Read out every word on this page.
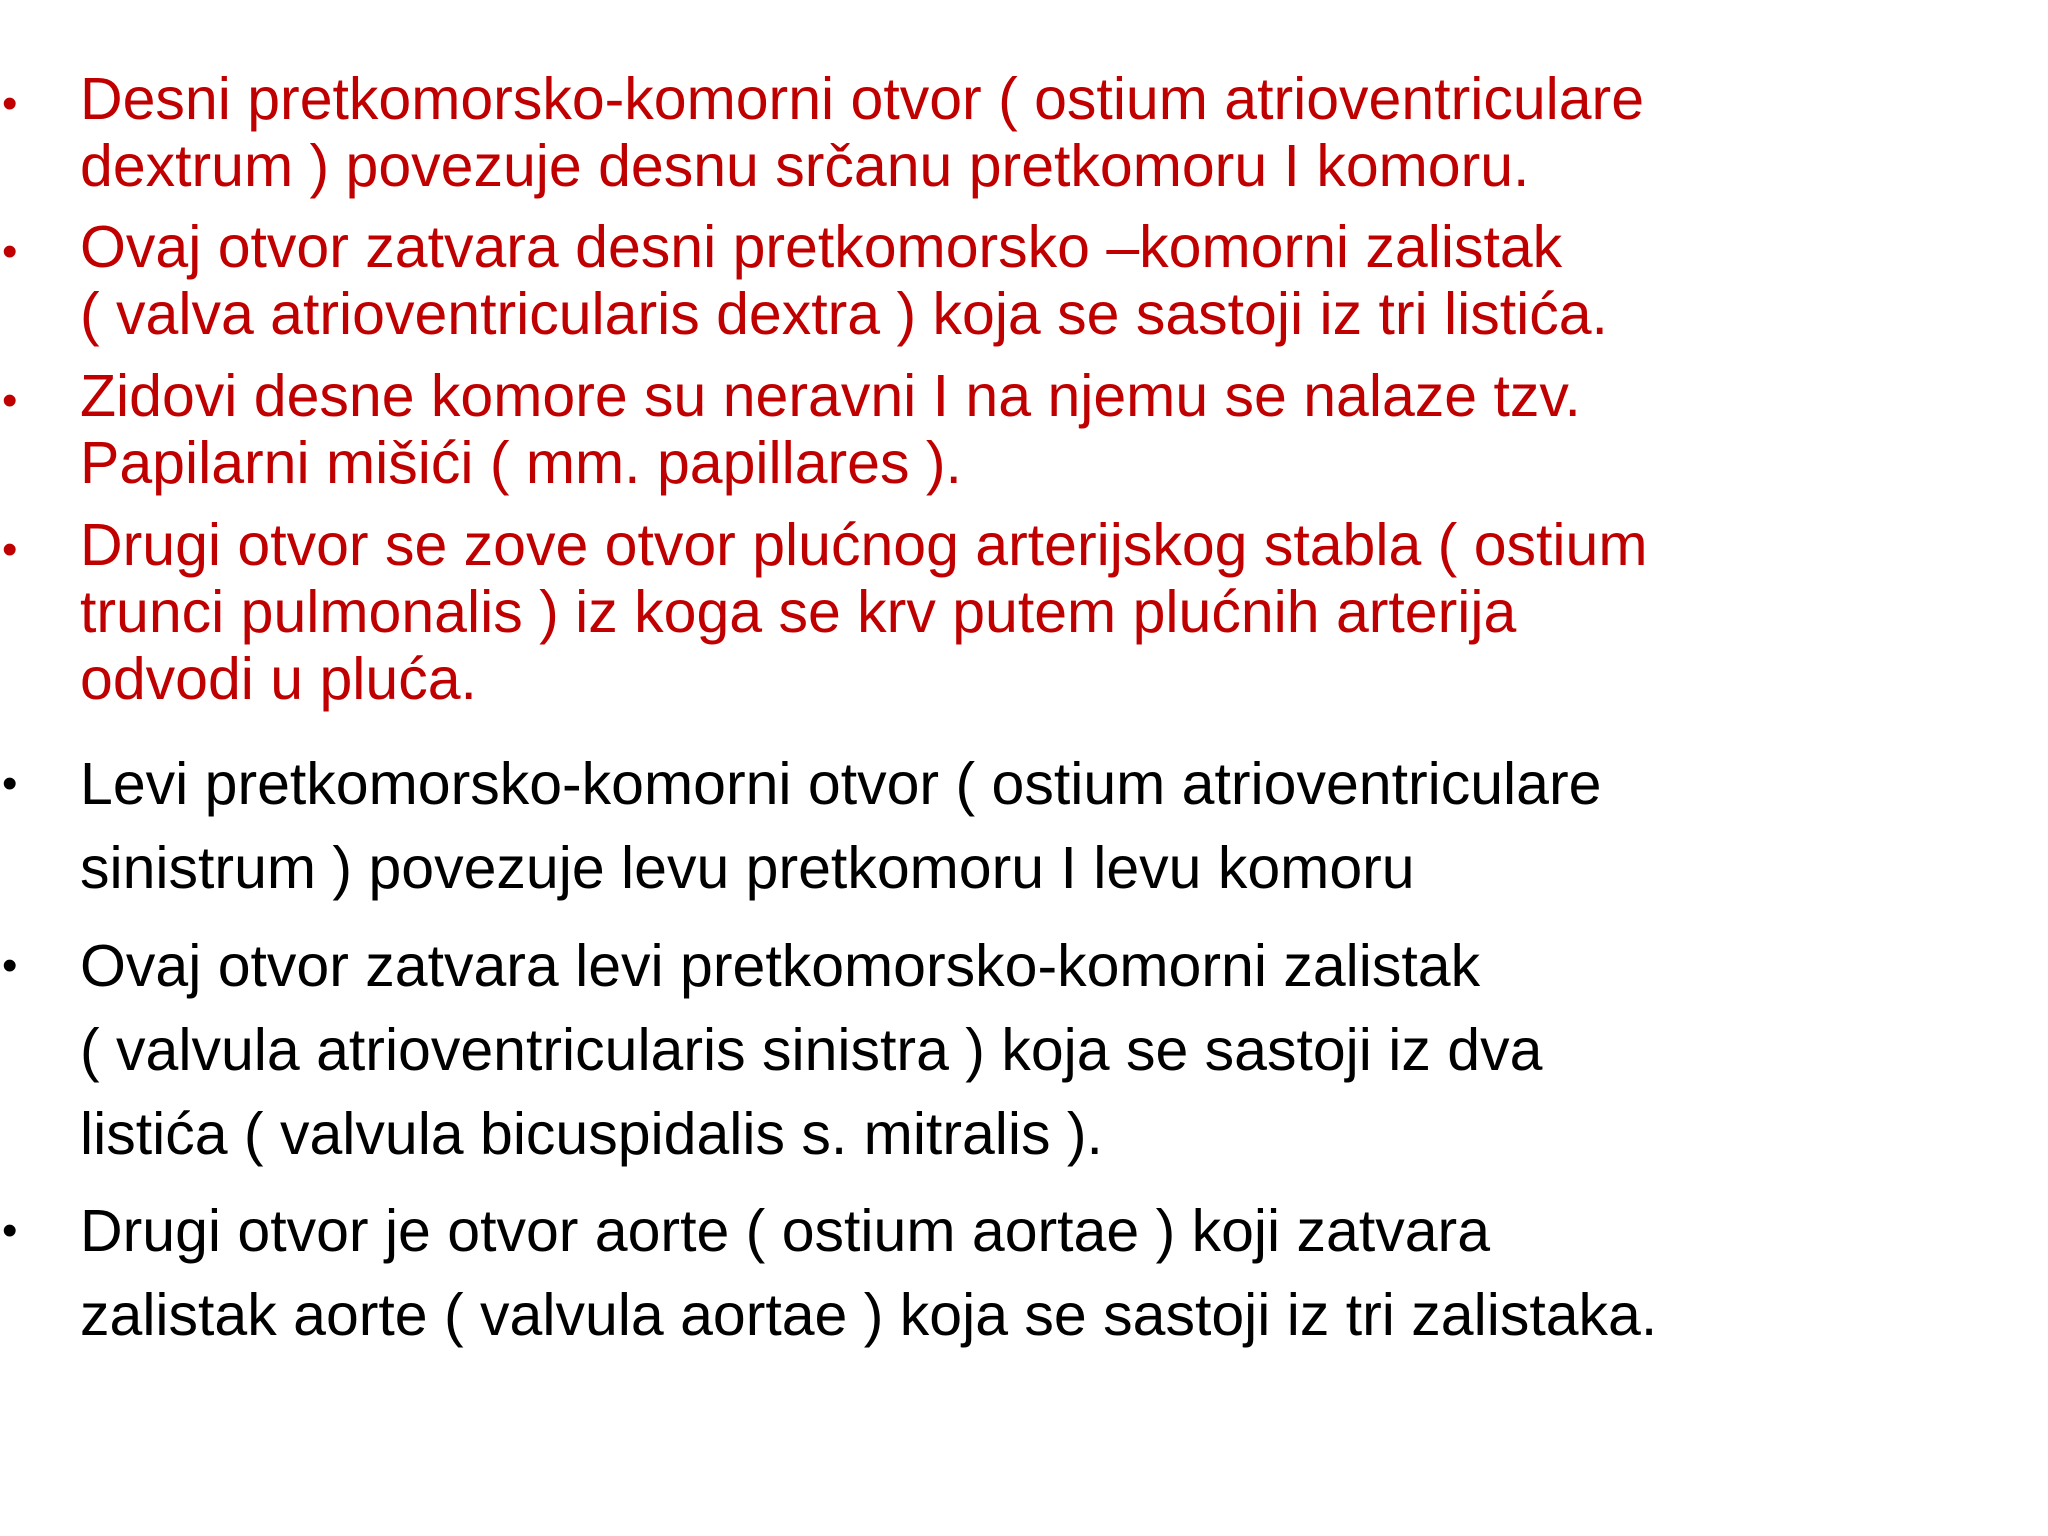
• Desni pretkomorsko-komorni otvor ( ostium atrioventriculare
dextrum ) povezuje desnu srčanu pretkomoru I komoru.
• Ovaj otvor zatvara desni pretkomorsko –komorni zalistak
( valva atrioventricularis dextra ) koja se sastoji iz tri listića.
• Zidovi desne komore su neravni I na njemu se nalaze tzv.
Papilarni mišići ( mm. papillares ).
• Drugi otvor se zove otvor plućnog arterijskog stabla ( ostium
trunci pulmonalis ) iz koga se krv putem plućnih arterija
odvodi u pluća.
• Levi pretkomorsko-komorni otvor ( ostium atrioventriculare
sinistrum ) povezuje levu pretkomoru I levu komoru
• Ovaj otvor zatvara levi pretkomorsko-komorni zalistak
( valvula atrioventricularis sinistra ) koja se sastoji iz dva
listića ( valvula bicuspidalis s. mitralis ).
• Drugi otvor je otvor aorte ( ostium aortae ) koji zatvara
zalistak aorte ( valvula aortae ) koja se sastoji iz tri zalistaka.
